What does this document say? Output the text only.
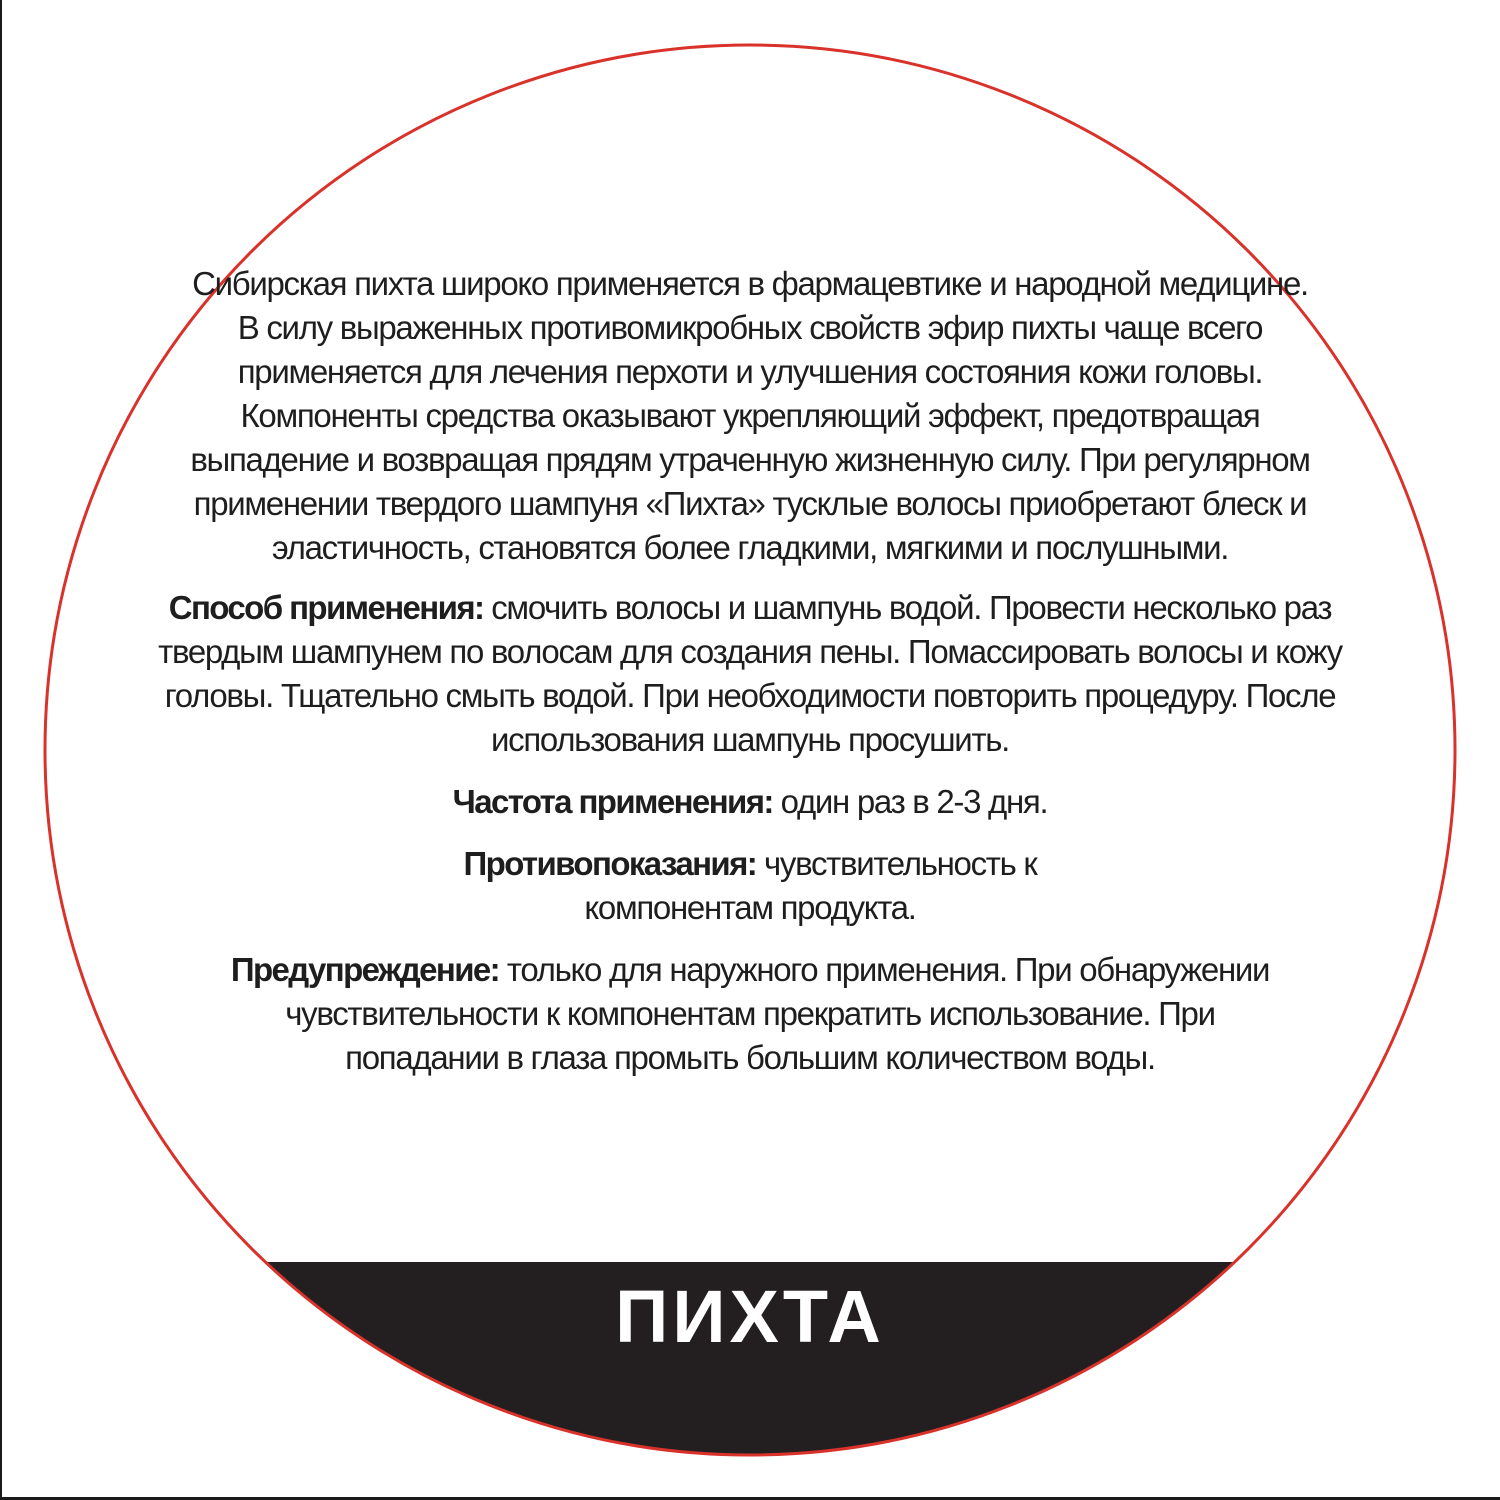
Сибирская пихта широко применяется в фармацевтике и народной медицине. В силу выраженных противомикробных свойств эфир пихты чаще всего применяется для лечения перхоти и улучшения состояния кожи головы. Компоненты средства оказывают укрепляющий эффект, предотвращая выпадение и возвращая прядям утраченную жизненную силу. При регулярном применении твердого шампуня «Пихта» тусклые волосы приобретают блеск и эластичность, становятся более гладкими, мягкими и послушными.

Способ применения: смочить волосы и шампунь водой. Провести несколько раз твердым шампунем по волосам для создания пены. Помассировать волосы и кожу головы. Тщательно смыть водой. При необходимости повторить процедуру. После использования шампунь просушить.

Частота применения: один раз в 2-3 дня.

Противопоказания: чувствительность к компонентам продукта.

Предупреждение: только для наружного применения. При обнаружении чувствительности к компонентам прекратить использование. При попадании в глаза промыть большим количеством воды.

ПИХТА
